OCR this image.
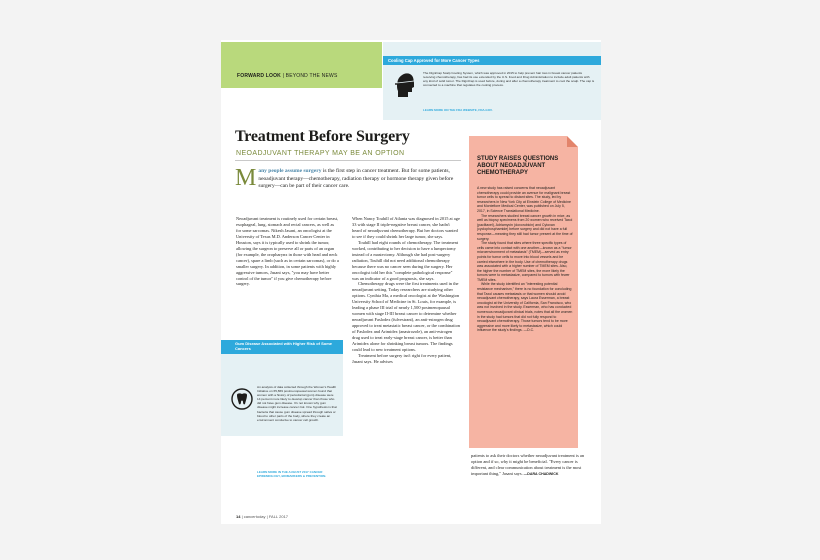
FORWARD LOOK | BEYOND THE NEWS
Cooling Cap Approved for More Cancer Types
The DigniCap Scalp Cooling System, which was approved in 2015 to help prevent hair loss in breast cancer patients receiving chemotherapy, has had its use extended by the U.S. Food and Drug Administration to include adult patients with any kind of solid tumor. The DigniCap is used before, during and after a chemotherapy treatment to cool the scalp. The cap is connected to a machine that regulates the cooling process.
LEARN MORE ON THE FDA WEBSITE, FDA.GOV.
Treatment Before Surgery
NEOADJUVANT THERAPY MAY BE AN OPTION
Many people assume surgery is the first step in cancer treatment. But for some patients, neoadjuvant therapy—chemotherapy, radiation therapy or hormone therapy given before surgery—can be part of their cancer care.

Neoadjuvant treatment is routinely used for certain breast, esophageal, lung, stomach and rectal cancers, as well as for some sarcomas. Nikesh Jasani, an oncologist at the University of Texas M.D. Anderson Cancer Center in Houston, says it is typically used to shrink the tumor, allowing the surgeon to preserve all or parts of an organ (for example, the oropharynx in those with head and neck cancer), spare a limb (such as in certain sarcomas), or do a smaller surgery. In addition, in some patients with highly aggressive tumors, Jasani says, "you may have better control of the tumor" if you give chemotherapy before surgery.

When Nancy Touhill of Atlanta was diagnosed in 2015 at age 33 with stage II triple-negative breast cancer, she hadn't heard of neoadjuvant chemotherapy. But her doctors wanted to see if they could shrink her large tumor, she says.

Touhill had eight rounds of chemotherapy. The treatment worked, contributing to her decision to have a lumpectomy instead of a mastectomy. Although she had post-surgery radiation, Touhill did not need additional chemotherapy because there was no cancer seen during the surgery. Her oncologist told her this "complete pathological response" was an indicator of a good prognosis, she says.

Chemotherapy drugs were the first treatments used in the neoadjuvant setting. Today researchers are studying other options. Cynthia Ma, a medical oncologist at the Washington University School of Medicine in St. Louis, for example, is leading a phase III trial of nearly 1,500 postmenopausal women with stage II-III breast cancer to determine whether neoadjuvant Faslodex (fulvestrant), an anti-estrogen drug approved to treat metastatic breast cancer, or the combination of Faslodex and Arimidex (anastrozole), an anti-estrogen drug used to treat early-stage breast cancer, is better than Arimidex alone for shrinking breast tumors. The findings could lead to new treatment options.

Treatment before surgery isn't right for every patient, Jasani says. He advises

Gum Disease Associated with Higher Risk of Some Cancers
An analysis of data collected through the Women's Health Initiative on 65,869 postmenopausal women found that women with a history of periodontal (gum) disease were 14 percent more likely to develop cancer than those who did not have gum disease. It's not known why gum disease might increase cancer risk. One hypothesis is that bacteria that cause gum disease spread through saliva or blood to other parts of the body, where they create an environment conducive to cancer cell growth.
LEARN MORE IN THE AUGUST 2017 CANCER EPIDEMIOLOGY, BIOMARKERS & PREVENTION.
STUDY RAISES QUESTIONS ABOUT NEOADJUVANT CHEMOTHERAPY

A new study has raised concerns that neoadjuvant chemotherapy could provide an avenue for malignant breast tumor cells to spread to distant sites. The study, led by researchers in New York City at Einstein College of Medicine and Montefiore Medical Center, was published on July 5, 2017, in Science Translational Medicine.

The researchers studied breast cancer growth in mice, as well as biopsy specimens from 20 women who received Taxol (paclitaxel), Adriamycin (doxorubicin) and Cytoxan (cyclophosphamide) before surgery and did not have a full response—meaning they still had tumor present at the time of surgery.

The study found that sites where three specific types of cells came into contact with one another—known as a "tumor microenvironment of metastasis" (TMEM)—served as entry points for tumor cells to move into blood vessels and be carried elsewhere in the body. Use of chemotherapy drugs was associated with a higher number of TMEM sites. Also, the higher the number of TMEM sites, the more likely the tumors were to metastasize, compared to tumors with fewer TMEM sites.

While the study identified an "interesting potential resistance mechanism," there is no foundation for concluding that Taxol causes metastasis or that women should avoid neoadjuvant chemotherapy, says Laura Esserman, a breast oncologist at the University of California, San Francisco, who was not involved in the study. Esserman, who has conducted numerous neoadjuvant clinical trials, notes that all the women in the study had tumors that did not fully respond to neoadjuvant chemotherapy. Those tumors tend to be more aggressive and more likely to metastasize, which could influence the study's findings. —D.C.

patients to ask their doctors whether neoadjuvant treatment is an option and if so, why it might be beneficial. "Every cancer is different, and clear communication about treatment is the most important thing," Jasani says. —DARA CHADWICK

14 | cancertoday | FALL 2017
